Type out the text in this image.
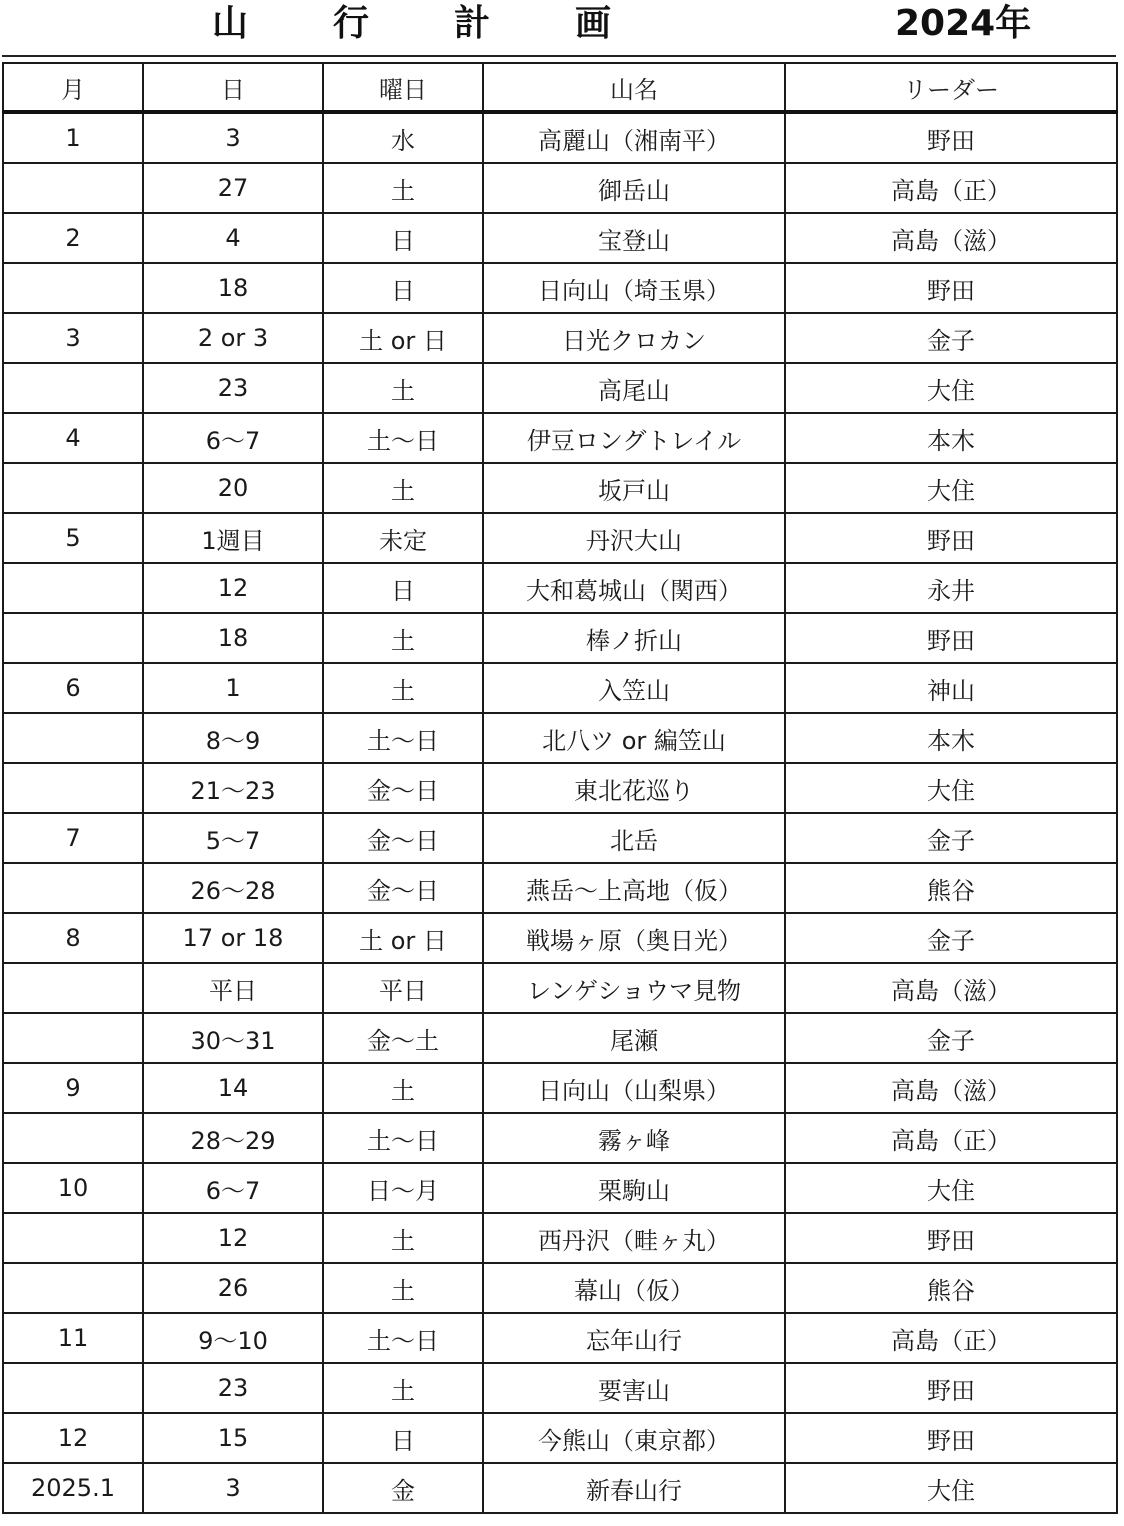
山 行 計 画	2024年
月	日	曜日	山名	リーダー
1	3	水	高麗山（湘南平）	野田
	27	土	御岳山	高島（正）
2	4	日	宝登山	高島（滋）
	18	日	日向山（埼玉県）	野田
3	2 or 3	土 or 日	日光クロカン	金子
	23	土	高尾山	大住
4	6～7	土～日	伊豆ロングトレイル	本木
	20	土	坂戸山	大住
5	1週目	未定	丹沢大山	野田
	12	日	大和葛城山（関西）	永井
	18	土	棒ノ折山	野田
6	1	土	入笠山	神山
	8～9	土～日	北八ツ or 編笠山	本木
	21～23	金～日	東北花巡り	大住
7	5～7	金～日	北岳	金子
	26～28	金～日	燕岳～上高地（仮）	熊谷
8	17 or 18	土 or 日	戦場ヶ原（奥日光）	金子
	平日	平日	レンゲショウマ見物	高島（滋）
	30～31	金～土	尾瀬	金子
9	14	土	日向山（山梨県）	高島（滋）
	28～29	土～日	霧ヶ峰	高島（正）
10	6～7	日～月	栗駒山	大住
	12	土	西丹沢（畦ヶ丸）	野田
	26	土	幕山（仮）	熊谷
11	9～10	土～日	忘年山行	高島（正）
	23	土	要害山	野田
12	15	日	今熊山（東京都）	野田
2025.1	3	金	新春山行	大住
